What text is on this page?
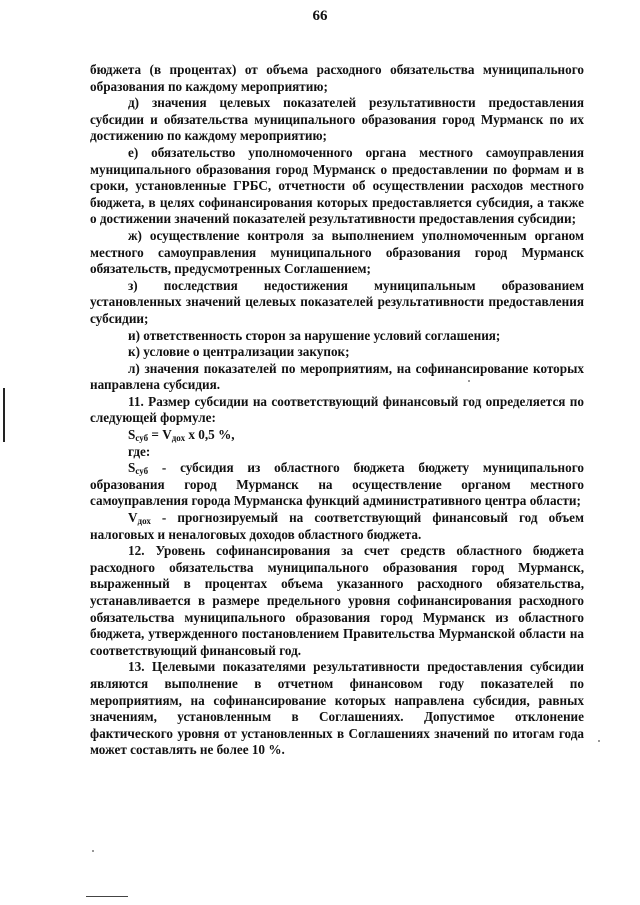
66

бюджета (в процентах) от объема расходного обязательства муниципального образования по каждому мероприятию;

д) значения целевых показателей результативности предоставления субсидии и обязательства муниципального образования город Мурманск по их достижению по каждому мероприятию;

е) обязательство уполномоченного органа местного самоуправления муниципального образования город Мурманск о предоставлении по формам и в сроки, установленные ГРБС, отчетности об осуществлении расходов местного бюджета, в целях софинансирования которых предоставляется субсидия, а также о достижении значений показателей результативности предоставления субсидии;

ж) осуществление контроля за выполнением уполномоченным органом местного самоуправления муниципального образования город Мурманск обязательств, предусмотренных Соглашением;

з) последствия недостижения муниципальным образованием установленных значений целевых показателей результативности предоставления субсидии;

и) ответственность сторон за нарушение условий соглашения;

к) условие о централизации закупок;

л) значения показателей по мероприятиям, на софинансирование которых направлена субсидия.

11. Размер субсидии на соответствующий финансовый год определяется по следующей формуле:

$S_{суб} = V_{дох}$ x 0,5 %,

где:

$S_{суб}$ - субсидия из областного бюджета бюджету муниципального образования город Мурманск на осуществление органом местного самоуправления города Мурманска функций административного центра области;

$V_{дох}$ - прогнозируемый на соответствующий финансовый год объем налоговых и неналоговых доходов областного бюджета.

12. Уровень софинансирования за счет средств областного бюджета расходного обязательства муниципального образования город Мурманск, выраженный в процентах объема указанного расходного обязательства, устанавливается в размере предельного уровня софинансирования расходного обязательства муниципального образования город Мурманск из областного бюджета, утвержденного постановлением Правительства Мурманской области на соответствующий финансовый год.

13. Целевыми показателями результативности предоставления субсидии являются выполнение в отчетном финансовом году показателей по мероприятиям, на софинансирование которых направлена субсидия, равных значениям, установленным в Соглашениях. Допустимое отклонение фактического уровня от установленных в Соглашениях значений по итогам года может составлять не более 10 %.
